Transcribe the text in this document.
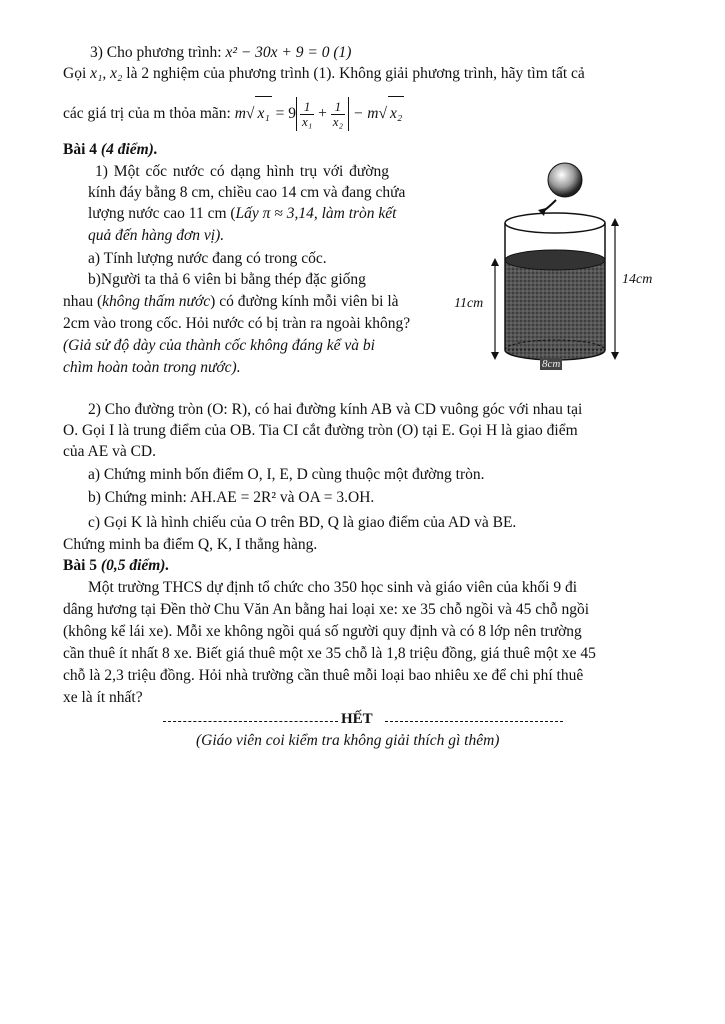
3) Cho phương trình: x² − 30x + 9 = 0 (1)
Gọi x₁, x₂ là 2 nghiệm của phương trình (1). Không giải phương trình, hãy tìm tất cả
các giá trị của m thỏa mãn: m√ $x_1 = 9 \frac{1}{\text{x₁}} + \frac{1}{\text{x₂}} - m√$ x₂
Bài 4 (4 điểm).
1) Một cốc nước có dạng hình trụ với đường
kính đáy bằng 8 cm, chiều cao 14 cm và đang chứa
lượng nước cao 11 cm (Lấy π ≈ 3,14, làm tròn kết
quả đến hàng đơn vị).
a) Tính lượng nước đang có trong cốc.
b)Người ta thả 6 viên bi bằng thép đặc giống
nhau (không thấm nước) có đường kính mỗi viên bi là
2cm vào trong cốc. Hỏi nước có bị tràn ra ngoài không?
(Giả sử độ dày của thành cốc không đáng kể và bi
chìm hoàn toàn trong nước).
14cm
11cm
8cm
2) Cho đường tròn (O: R), có hai đường kính AB và CD vuông góc với nhau tại
O. Gọi I là trung điểm của OB. Tia CI cắt đường tròn (O) tại E. Gọi H là giao điểm
của AE và CD.
a) Chứng minh bốn điểm O, I, E, D cùng thuộc một đường tròn.
b) Chứng minh: AH.AE = 2R² và OA = 3.OH.
c) Gọi K là hình chiếu của O trên BD, Q là giao điểm của AD và BE.
Chứng minh ba điểm Q, K, I thẳng hàng.
Bài 5 (0,5 điểm).
Một trường THCS dự định tổ chức cho 350 học sinh và giáo viên của khối 9 đi
dâng hương tại Đền thờ Chu Văn An bằng hai loại xe: xe 35 chỗ ngồi và 45 chỗ ngồi
(không kể lái xe). Mỗi xe không ngồi quá số người quy định và có 8 lớp nên trường
cần thuê ít nhất 8 xe. Biết giá thuê một xe 35 chỗ là 1,8 triệu đồng, giá thuê một xe 45
chỗ là 2,3 triệu đồng. Hỏi nhà trường cần thuê mỗi loại bao nhiêu xe để chi phí thuê
xe là ít nhất?
HẾT
(Giáo viên coi kiểm tra không giải thích gì thêm)
